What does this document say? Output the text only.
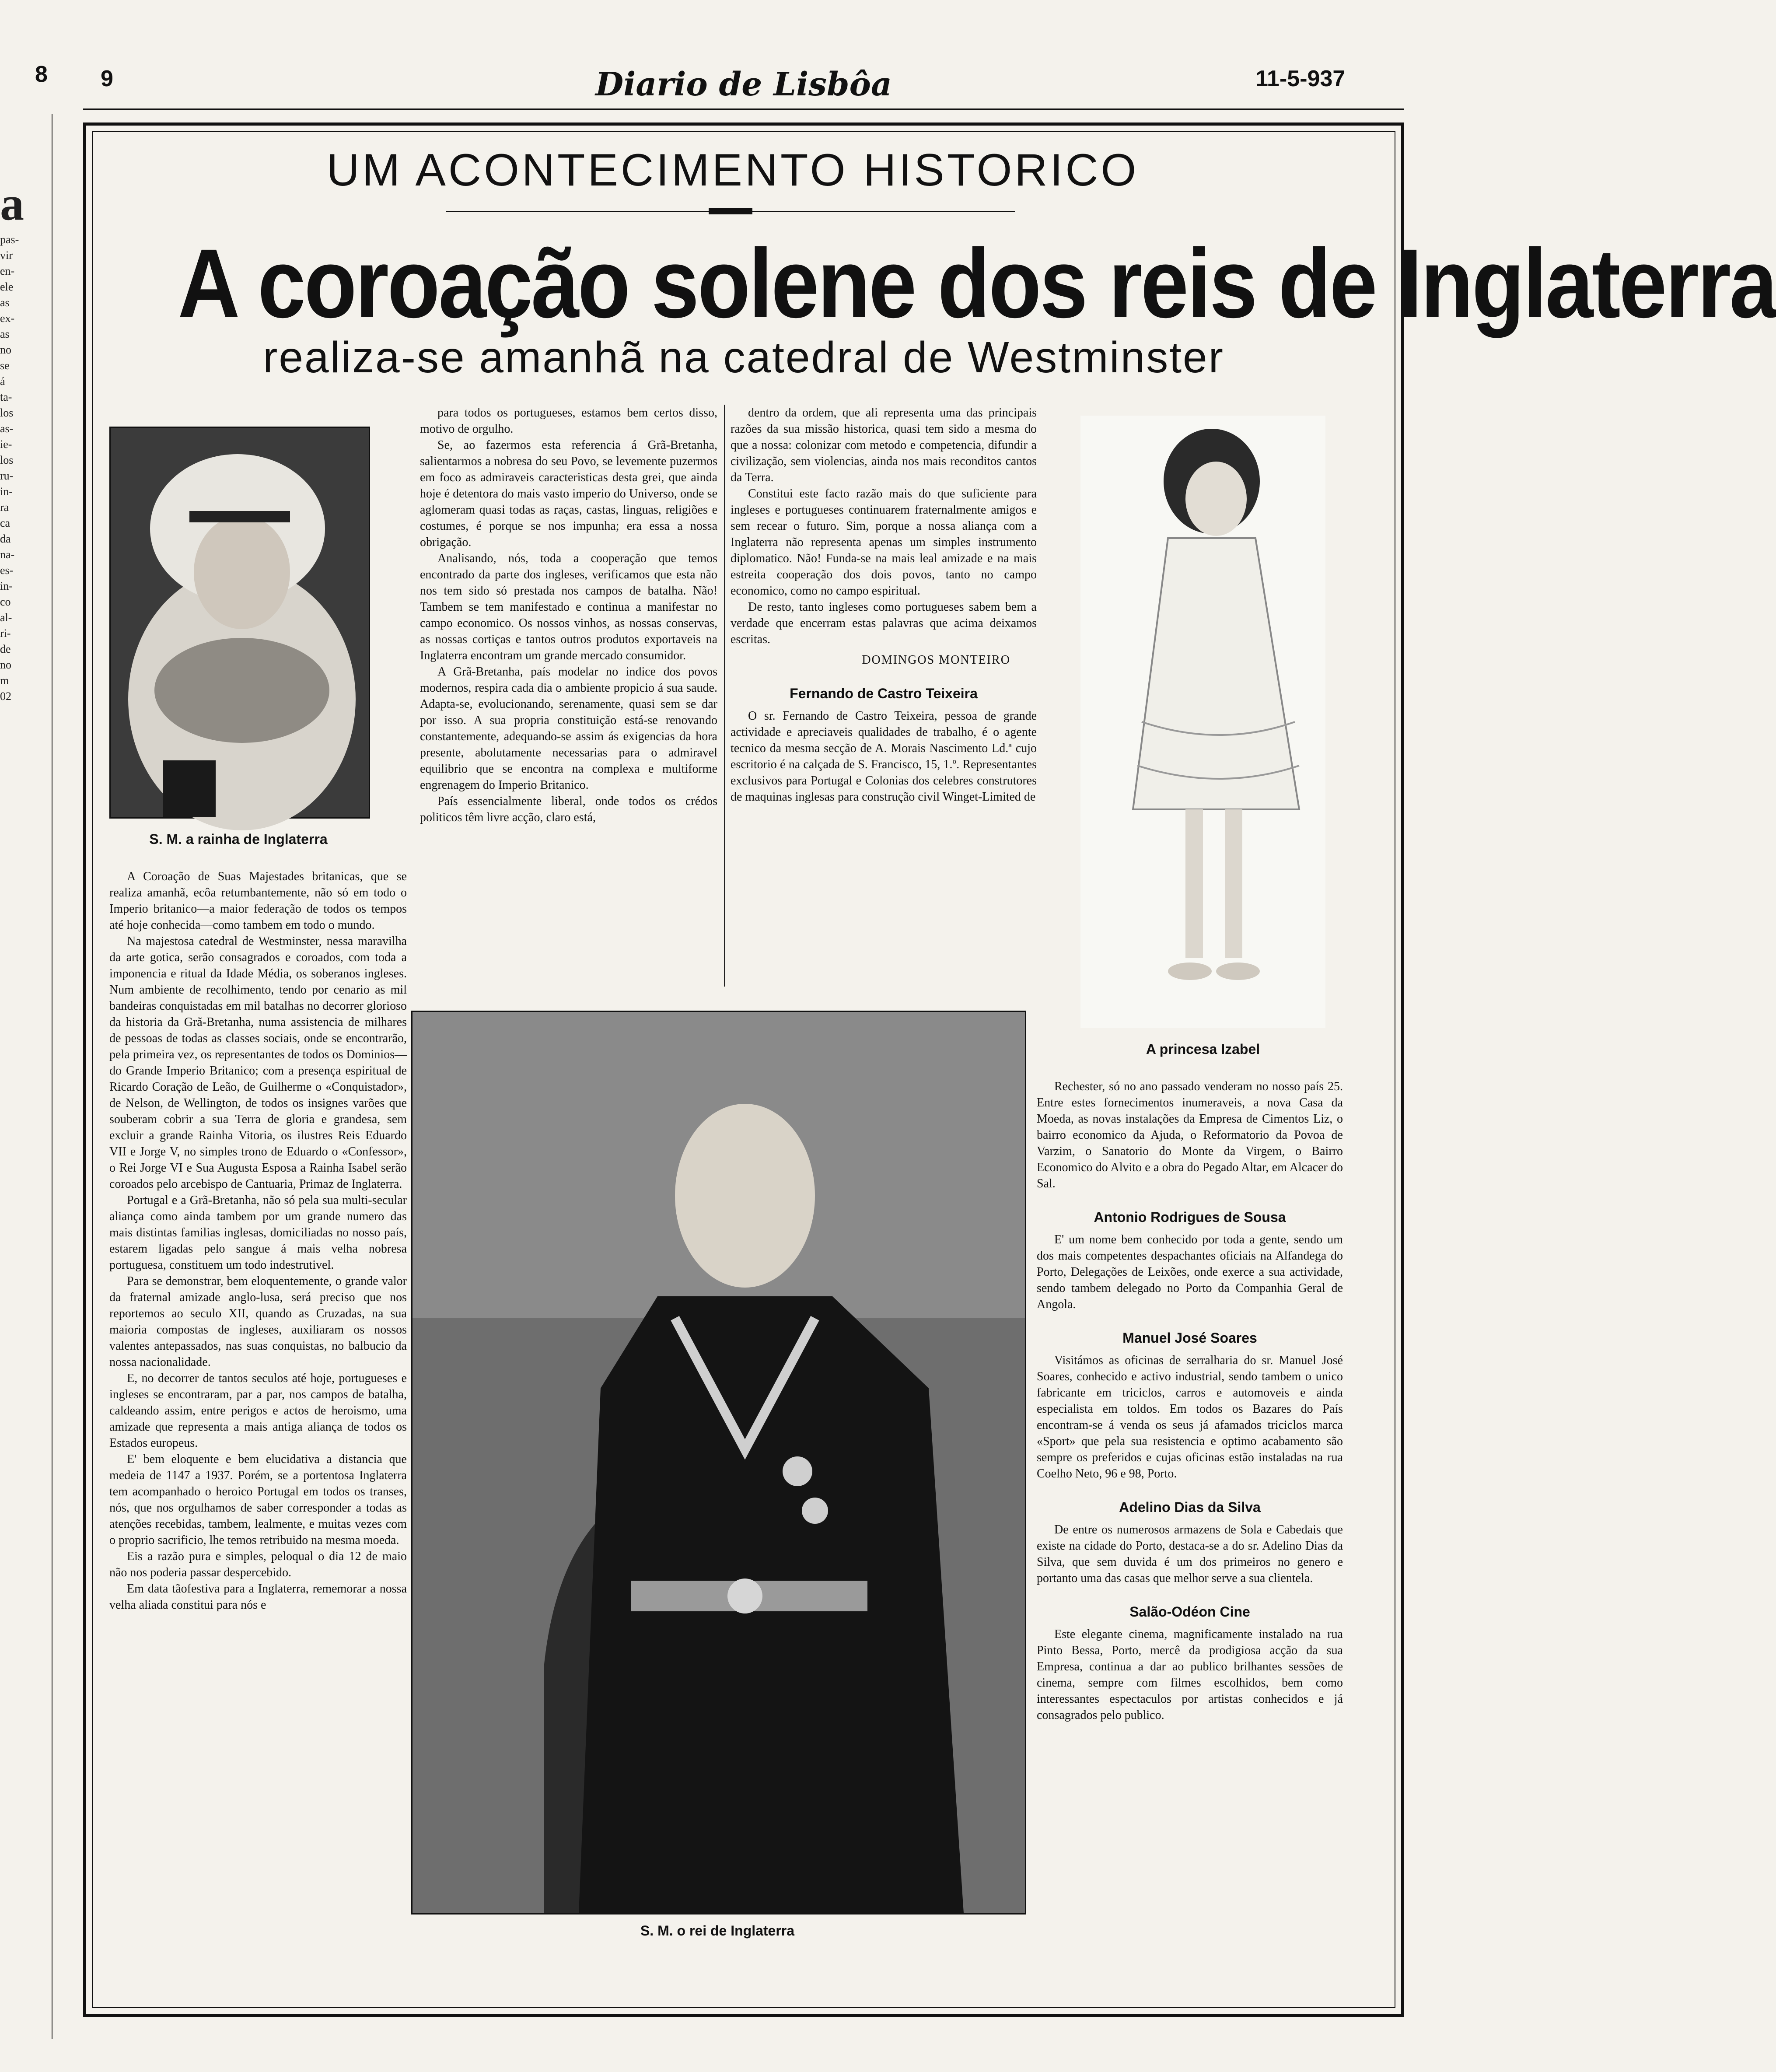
8 9	Diario de Lisbôa	11-5-937
a
pas-
vir
en-
ele
as
ex-
as
no
se
á
ta-
los
as-
ie-
los
ru-
in-
ra
ca
da
na-
es-
in-
co
al-
ri-
de
no
m
02
UM ACONTECIMENTO HISTORICO
A coroação solene dos reis de Inglaterra
realiza-se amanhã na catedral de Westminster
S. M. a rainha de Inglaterra
S. M. o rei de Inglaterra
A princesa Izabel

A Coroação de Suas Majestades britanicas, que se realiza amanhã, ecôa retumbantemente, não só em todo o Imperio britanico—a maior federação de todos os tempos até hoje conhecida—como tambem em todo o mundo.

Na majestosa catedral de Westminster, nessa maravilha da arte gotica, serão consagrados e coroados, com toda a imponencia e ritual da Idade Média, os soberanos ingleses. Num ambiente de recolhimento, tendo por cenario as mil bandeiras conquistadas em mil batalhas no decorrer glorioso da historia da Grã-Bretanha, numa assistencia de milhares de pessoas de todas as classes sociais, onde se encontrarão, pela primeira vez, os representantes de todos os Dominios—do Grande Imperio Britanico; com a presença espiritual de Ricardo Coração de Leão, de Guilherme o «Conquistador», de Nelson, de Wellington, de todos os insignes varões que souberam cobrir a sua Terra de gloria e grandesa, sem excluir a grande Rainha Vitoria, os ilustres Reis Eduardo VII e Jorge V, no simples trono de Eduardo o «Confessor», o Rei Jorge VI e Sua Augusta Esposa a Rainha Isabel serão coroados pelo arcebispo de Cantuaria, Primaz de Inglaterra.

Portugal e a Grã-Bretanha, não só pela sua multi-secular aliança como ainda tambem por um grande numero das mais distintas familias inglesas, domiciliadas no nosso país, estarem ligadas pelo sangue á mais velha nobresa portuguesa, constituem um todo indestrutivel.

Para se demonstrar, bem eloquentemente, o grande valor da fraternal amizade anglo-lusa, será preciso que nos reportemos ao seculo XII, quando as Cruzadas, na sua maioria compostas de ingleses, auxiliaram os nossos valentes antepassados, nas suas conquistas, no balbucio da nossa nacionalidade.

E, no decorrer de tantos seculos até hoje, portugueses e ingleses se encontraram, par a par, nos campos de batalha, caldeando assim, entre perigos e actos de heroismo, uma amizade que representa a mais antiga aliança de todos os Estados europeus.

E' bem eloquente e bem elucidativa a distancia que medeia de 1147 a 1937. Porém, se a portentosa Inglaterra tem acompanhado o heroico Portugal em todos os transes, nós, que nos orgulhamos de saber corresponder a todas as atenções recebidas, tambem, lealmente, e muitas vezes com o proprio sacrificio, lhe temos retribuido na mesma moeda.

Eis a razão pura e simples, peloqual o dia 12 de maio não nos poderia passar despercebido.

Em data tãofestiva para a Inglaterra, rememorar a nossa velha aliada constitui para nós e

para todos os portugueses, estamos bem certos disso, motivo de orgulho.

Se, ao fazermos esta referencia á Grã-Bretanha, salientarmos a nobresa do seu Povo, se levemente puzermos em foco as admiraveis caracteristicas desta grei, que ainda hoje é detentora do mais vasto imperio do Universo, onde se aglomeram quasi todas as raças, castas, linguas, religiões e costumes, é porque se nos impunha; era essa a nossa obrigação.

Analisando, nós, toda a cooperação que temos encontrado da parte dos ingleses, verificamos que esta não nos tem sido só prestada nos campos de batalha. Não! Tambem se tem manifestado e continua a manifestar no campo economico. Os nossos vinhos, as nossas conservas, as nossas cortiças e tantos outros produtos exportaveis na Inglaterra encontram um grande mercado consumidor.

A Grã-Bretanha, país modelar no indice dos povos modernos, respira cada dia o ambiente propicio á sua saude. Adapta-se, evolucionando, serenamente, quasi sem se dar por isso. A sua propria constituição está-se renovando constantemente, adequando-se assim ás exigencias da hora presente, abolutamente necessarias para o admiravel equilibrio que se encontra na complexa e multiforme engrenagem do Imperio Britanico.

País essencialmente liberal, onde todos os crédos politicos têm livre acção, claro está,

dentro da ordem, que ali representa uma das principais razões da sua missão historica, quasi tem sido a mesma do que a nossa: colonizar com metodo e competencia, difundir a civilização, sem violencias, ainda nos mais reconditos cantos da Terra.

Constitui este facto razão mais do que suficiente para ingleses e portugueses continuarem fraternalmente amigos e sem recear o futuro. Sim, porque a nossa aliança com a Inglaterra não representa apenas um simples instrumento diplomatico. Não! Funda-se na mais leal amizade e na mais estreita cooperação dos dois povos, tanto no campo economico, como no campo espiritual.

De resto, tanto ingleses como portugueses sabem bem a verdade que encerram estas palavras que acima deixamos escritas.

DOMINGOS MONTEIRO

Fernando de Castro Teixeira

O sr. Fernando de Castro Teixeira, pessoa de grande actividade e apreciaveis qualidades de trabalho, é o agente tecnico da mesma secção de A. Morais Nascimento Ld.ª cujo escritorio é na calçada de S. Francisco, 15, 1.º. Representantes exclusivos para Portugal e Colonias dos celebres construtores de maquinas inglesas para construção civil Winget-Limited de

Rechester, só no ano passado venderam no nosso país 25. Entre estes fornecimentos inumeraveis, a nova Casa da Moeda, as novas instalações da Empresa de Cimentos Liz, o bairro economico da Ajuda, o Reformatorio da Povoa de Varzim, o Sanatorio do Monte da Virgem, o Bairro Economico do Alvito e a obra do Pegado Altar, em Alcacer do Sal.

Antonio Rodrigues de Sousa

E' um nome bem conhecido por toda a gente, sendo um dos mais competentes despachantes oficiais na Alfandega do Porto, Delegações de Leixões, onde exerce a sua actividade, sendo tambem delegado no Porto da Companhia Geral de Angola.

Manuel José Soares

Visitámos as oficinas de serralharia do sr. Manuel José Soares, conhecido e activo industrial, sendo tambem o unico fabricante em triciclos, carros e automoveis e ainda especialista em toldos. Em todos os Bazares do País encontram-se á venda os seus já afamados triciclos marca «Sport» que pela sua resistencia e optimo acabamento são sempre os preferidos e cujas oficinas estão instaladas na rua Coelho Neto, 96 e 98, Porto.

Adelino Dias da Silva

De entre os numerosos armazens de Sola e Cabedais que existe na cidade do Porto, destaca-se a do sr. Adelino Dias da Silva, que sem duvida é um dos primeiros no genero e portanto uma das casas que melhor serve a sua clientela.

Salão-Odéon Cine

Este elegante cinema, magnificamente instalado na rua Pinto Bessa, Porto, mercê da prodigiosa acção da sua Empresa, continua a dar ao publico brilhantes sessões de cinema, sempre com filmes escolhidos, bem como interessantes espectaculos por artistas conhecidos e já consagrados pelo publico.
